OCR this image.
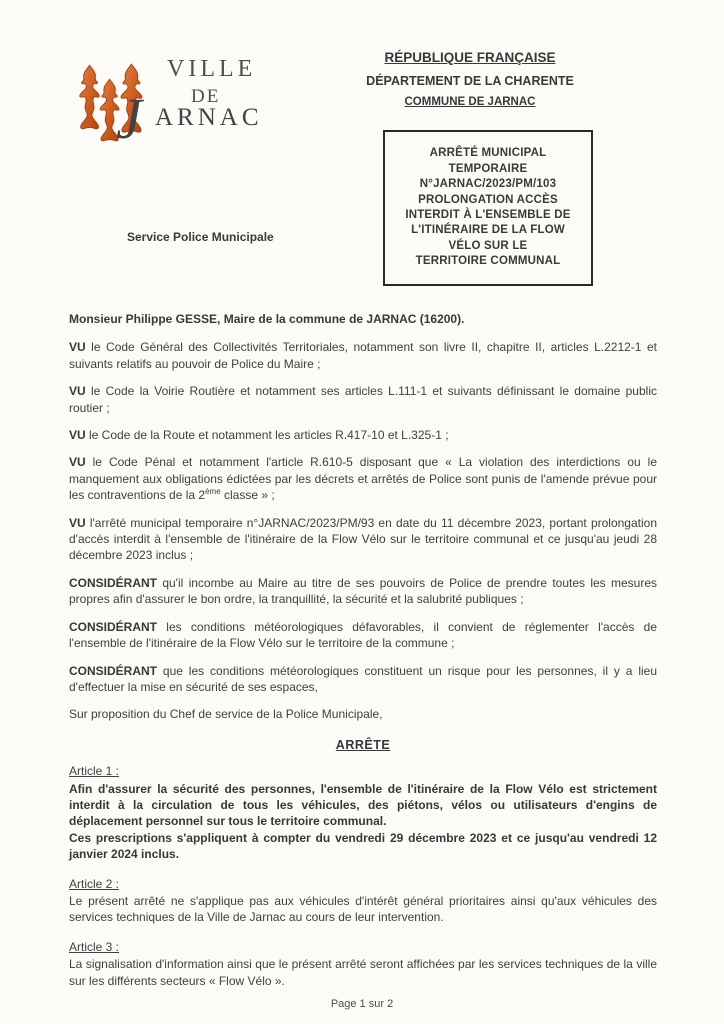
VILLE
DE
J ARNAC
Service Police Municipale

RÉPUBLIQUE FRANÇAISE

DÉPARTEMENT DE LA CHARENTE

COMMUNE DE JARNAC

ARRÊTÉ MUNICIPAL
TEMPORAIRE
N°JARNAC/2023/PM/103
PROLONGATION ACCÈS
INTERDIT À L'ENSEMBLE DE
L'ITINÉRAIRE DE LA FLOW
VÉLO SUR LE
TERRITOIRE COMMUNAL

Monsieur Philippe GESSE, Maire de la commune de JARNAC (16200).

VU le Code Général des Collectivités Territoriales, notamment son livre II, chapitre II, articles L.2212-1 et suivants relatifs au pouvoir de Police du Maire ;

VU le Code la Voirie Routière et notamment ses articles L.111-1 et suivants définissant le domaine public routier ;

VU le Code de la Route et notamment les articles R.417-10 et L.325-1 ;

VU le Code Pénal et notamment l'article R.610-5 disposant que « La violation des interdictions ou le manquement aux obligations édictées par les décrets et arrêtés de Police sont punis de l'amende prévue pour les contraventions de la 2ème classe » ;

VU l'arrêté municipal temporaire n°JARNAC/2023/PM/93 en date du 11 décembre 2023, portant prolongation d'accès interdit à l'ensemble de l'itinéraire de la Flow Vélo sur le territoire communal et ce jusqu'au jeudi 28 décembre 2023 inclus ;

CONSIDÉRANT qu'il incombe au Maire au titre de ses pouvoirs de Police de prendre toutes les mesures propres afin d'assurer le bon ordre, la tranquillité, la sécurité et la salubrité publiques ;

CONSIDÉRANT les conditions météorologiques défavorables, il convient de réglementer l'accès de l'ensemble de l'itinéraire de la Flow Vélo sur le territoire de la commune ;

CONSIDÉRANT que les conditions météorologiques constituent un risque pour les personnes, il y a lieu d'effectuer la mise en sécurité de ses espaces,

Sur proposition du Chef de service de la Police Municipale,

ARRÊTE

Article 1 :

Afin d'assurer la sécurité des personnes, l'ensemble de l'itinéraire de la Flow Vélo est strictement interdit à la circulation de tous les véhicules, des piétons, vélos ou utilisateurs d'engins de déplacement personnel sur tous le territoire communal.

Ces prescriptions s'appliquent à compter du vendredi 29 décembre 2023 et ce jusqu'au vendredi 12 janvier 2024 inclus.

Article 2 :

Le présent arrêté ne s'applique pas aux véhicules d'intérêt général prioritaires ainsi qu'aux véhicules des services techniques de la Ville de Jarnac au cours de leur intervention.

Article 3 :

La signalisation d'information ainsi que le présent arrêté seront affichées par les services techniques de la ville sur les différents secteurs « Flow Vélo ».

Page 1 sur 2
